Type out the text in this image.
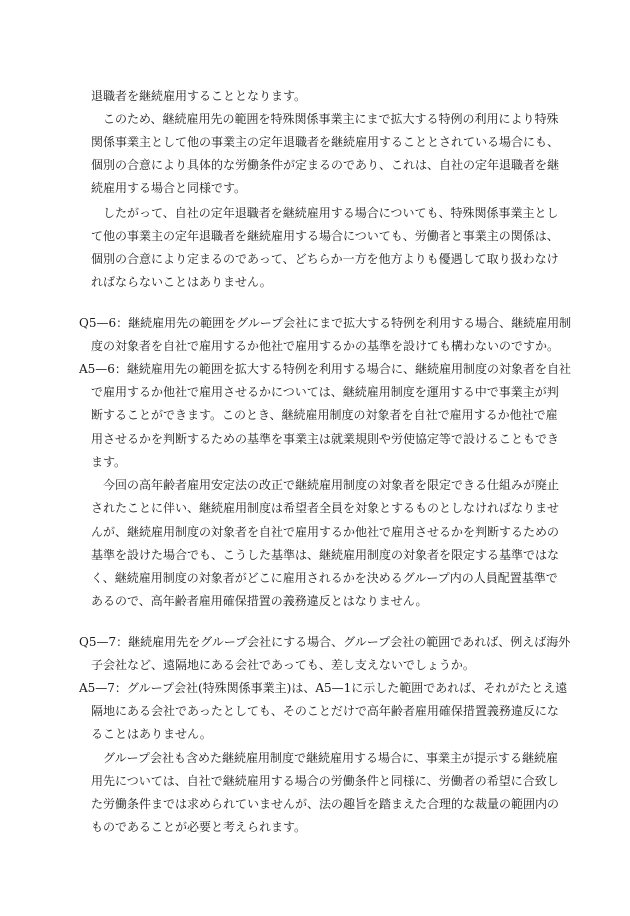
退職者を継続雇用することとなります。
このため、継続雇用先の範囲を特殊関係事業主にまで拡大する特例の利用により特殊
関係事業主として他の事業主の定年退職者を継続雇用することとされている場合にも、
個別の合意により具体的な労働条件が定まるのであり、これは、自社の定年退職者を継
続雇用する場合と同様です。
したがって、自社の定年退職者を継続雇用する場合についても、特殊関係事業主とし
て他の事業主の定年退職者を継続雇用する場合についても、労働者と事業主の関係は、
個別の合意により定まるのであって、どちらか一方を他方よりも優遇して取り扱わなけ
ればならないことはありません。
Q5—6：継続雇用先の範囲をグループ会社にまで拡大する特例を利用する場合、継続雇用制
度の対象者を自社で雇用するか他社で雇用するかの基準を設けても構わないのですか。
A5—6：継続雇用先の範囲を拡大する特例を利用する場合に、継続雇用制度の対象者を自社
で雇用するか他社で雇用させるかについては、継続雇用制度を運用する中で事業主が判
断することができます。このとき、継続雇用制度の対象者を自社で雇用するか他社で雇
用させるかを判断するための基準を事業主は就業規則や労使協定等で設けることもでき
ます。
今回の高年齢者雇用安定法の改正で継続雇用制度の対象者を限定できる仕組みが廃止
されたことに伴い、継続雇用制度は希望者全員を対象とするものとしなければなりませ
んが、継続雇用制度の対象者を自社で雇用するか他社で雇用させるかを判断するための
基準を設けた場合でも、こうした基準は、継続雇用制度の対象者を限定する基準ではな
く、継続雇用制度の対象者がどこに雇用されるかを決めるグループ内の人員配置基準で
あるので、高年齢者雇用確保措置の義務違反とはなりません。
Q5—7：継続雇用先をグループ会社にする場合、グループ会社の範囲であれば、例えば海外
子会社など、遠隔地にある会社であっても、差し支えないでしょうか。
A5—7：グループ会社(特殊関係事業主)は、A5—1に示した範囲であれば、それがたとえ遠
隔地にある会社であったとしても、そのことだけで高年齢者雇用確保措置義務違反にな
ることはありません。
グループ会社も含めた継続雇用制度で継続雇用する場合に、事業主が提示する継続雇
用先については、自社で継続雇用する場合の労働条件と同様に、労働者の希望に合致し
た労働条件までは求められていませんが、法の趣旨を踏まえた合理的な裁量の範囲内の
ものであることが必要と考えられます。
